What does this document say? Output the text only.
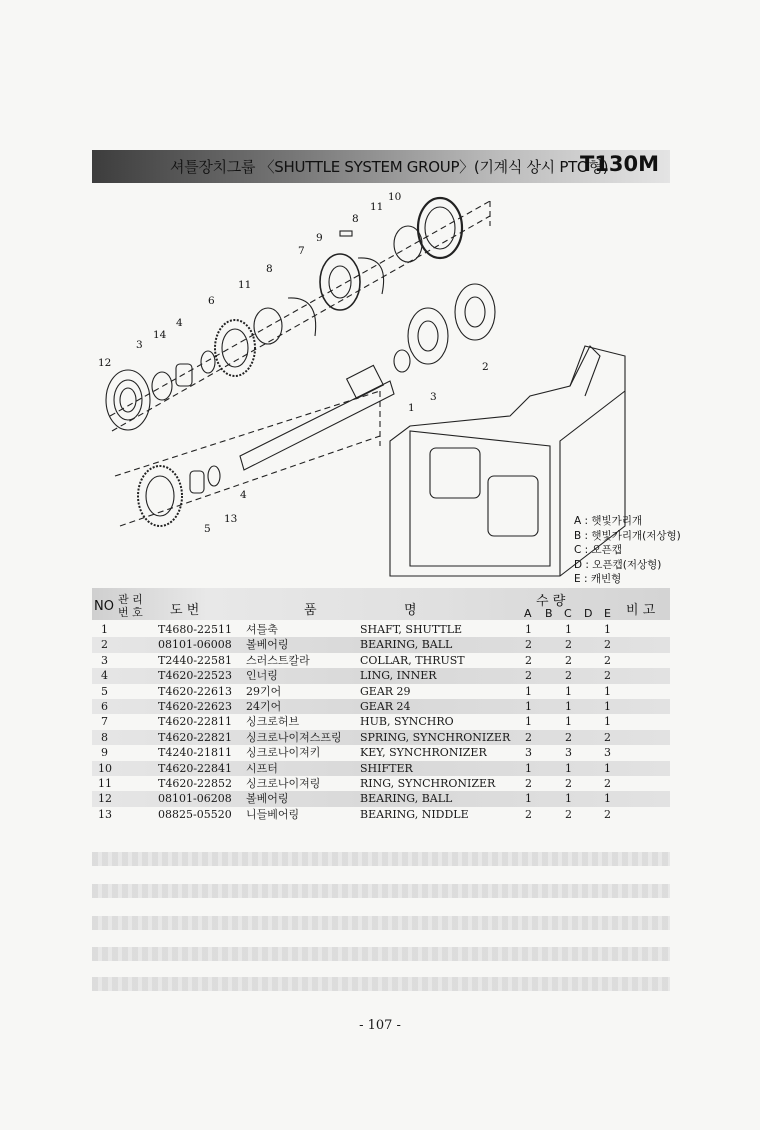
셔틀장치그룹 〈SHUTTLE SYSTEM GROUP〉(기계식 상시 PTO형)
T130M
12
3
14
4
6
11
8
7
9
8
11
10
1
3
2
4
13
5
A : 햇빛가리개
B : 햇빛가리개(저상형)
C : 오픈캡
D : 오픈캡(저상형)
E : 캐빈형
NO 관 리
번 호 도 번	품	명
수 량
A B C D E 비 고
1	T4680-22511 셔틀축	SHAFT, SHUTTLE	1	1	1
2	08101-06008 볼베어링	BEARING, BALL	2	2	2
3	T2440-22581 스러스트칼라	COLLAR, THRUST	2	2	2
4	T4620-22523 인너링	LING, INNER	2	2	2
5	T4620-22613 29기어	GEAR 29	1	1	1
6	T4620-22623 24기어	GEAR 24	1	1	1
7	T4620-22811 싱크로허브	HUB, SYNCHRO	1	1	1
8	T4620-22821 싱크로나이져스프링 SPRING, SYNCHRONIZER 2	2	2
9	T4240-21811 싱크로나이져키	KEY, SYNCHRONIZER	3	3	3
10	T4620-22841 시프터	SHIFTER	1	1	1
11	T4620-22852 싱크로나이져링	RING, SYNCHRONIZER	2	2	2
12	08101-06208 볼베어링	BEARING, BALL	1	1	1
13	08825-05520 니들베어링	BEARING, NIDDLE	2	2	2
- 107 -
